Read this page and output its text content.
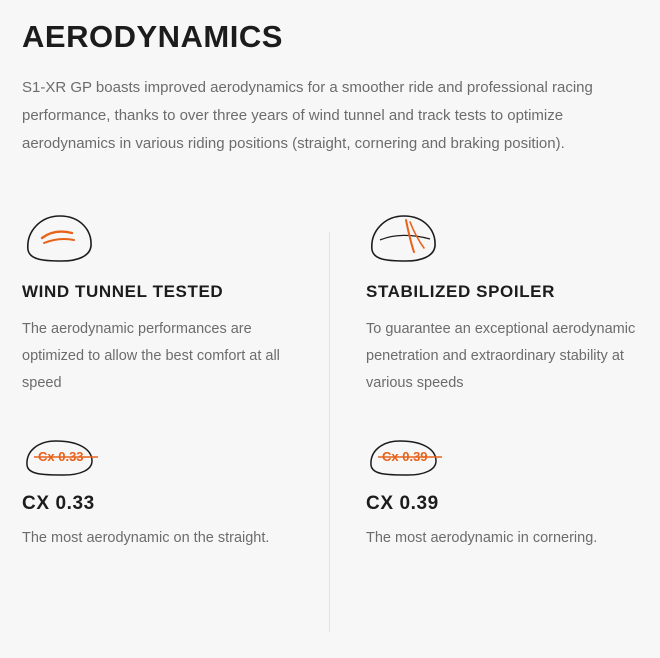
AERODYNAMICS

S1-XR GP boasts improved aerodynamics for a smoother ride and professional racing performance, thanks to over three years of wind tunnel and track tests to optimize aerodynamics in various riding positions (straight, cornering and braking position).

WIND TUNNEL TESTED

The aerodynamic performances are optimized to allow the best comfort at all speed

Cx 0.33
CX 0.33

The most aerodynamic on the straight.

STABILIZED SPOILER

To guarantee an exceptional aerodynamic penetration and extraordinary stability at various speeds

Cx 0.39
CX 0.39

The most aerodynamic in cornering.
